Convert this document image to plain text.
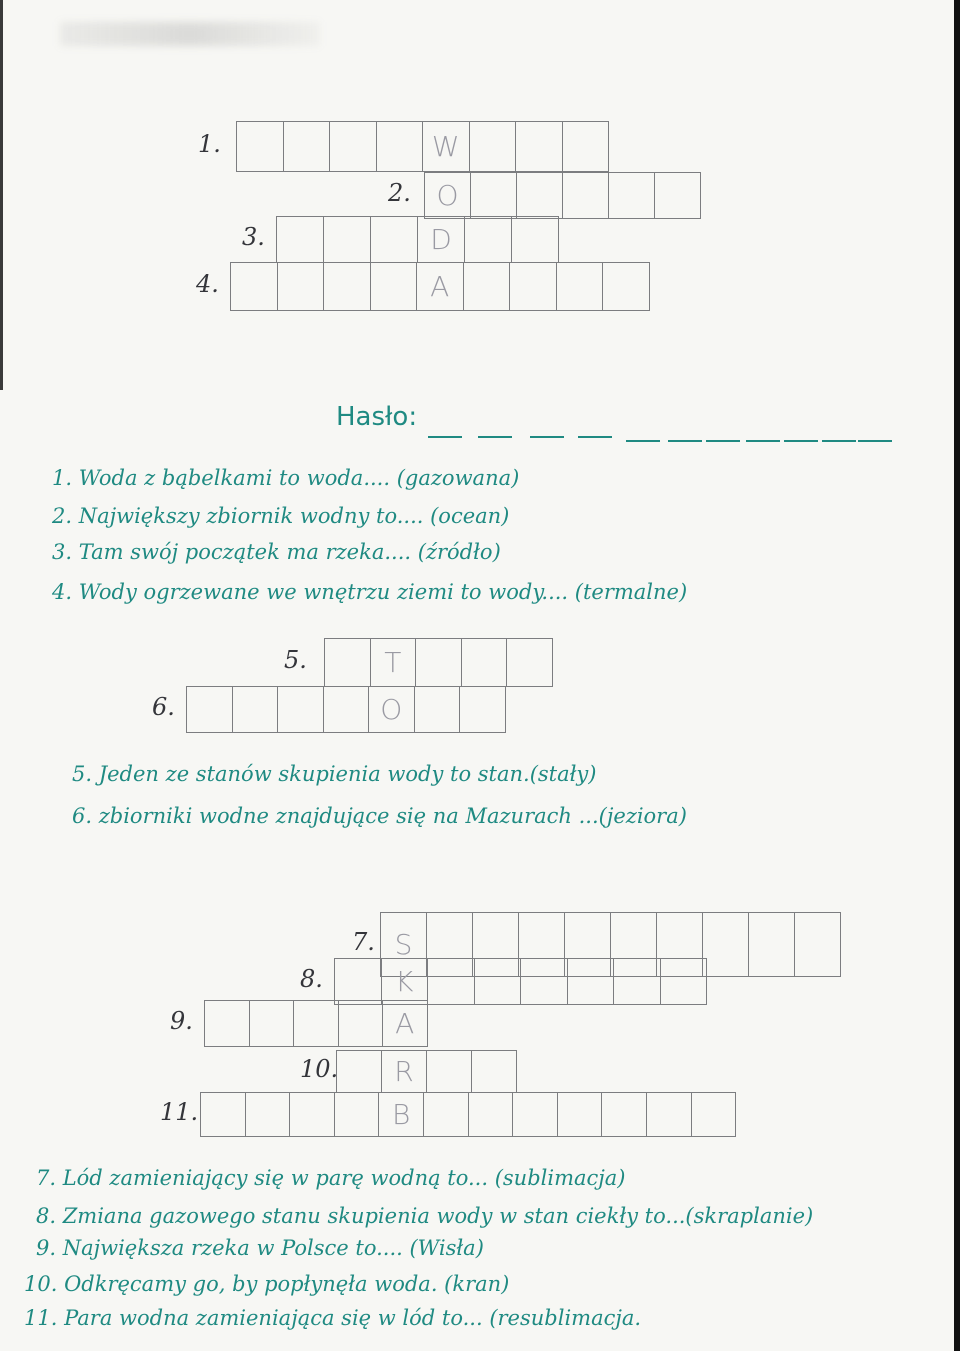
1.	W
2. O
3.	D
4.	A
Hasło:
1. Woda z bąbelkami to woda.... (gazowana)
2. Największy zbiornik wodny to.... (ocean)
3. Tam swój początek ma rzeka.... (źródło)
4. Wody ogrzewane we wnętrzu ziemi to wody.... (termalne)
5.	T
6.	O
5. Jeden ze stanów skupienia wody to stan.(stały)
6. zbiorniki wodne znajdujące się na Mazurach ...(jeziora)
7. S
8.	K
9.	A
10.	R
11.	B
7. Lód zamieniający się w parę wodną to... (sublimacja)
8. Zmiana gazowego stanu skupienia wody w stan ciekły to...(skraplanie)
9. Największa rzeka w Polsce to.... (Wisła)
10. Odkręcamy go, by popłynęła woda. (kran)
11. Para wodna zamieniająca się w lód to... (resublimacja.
